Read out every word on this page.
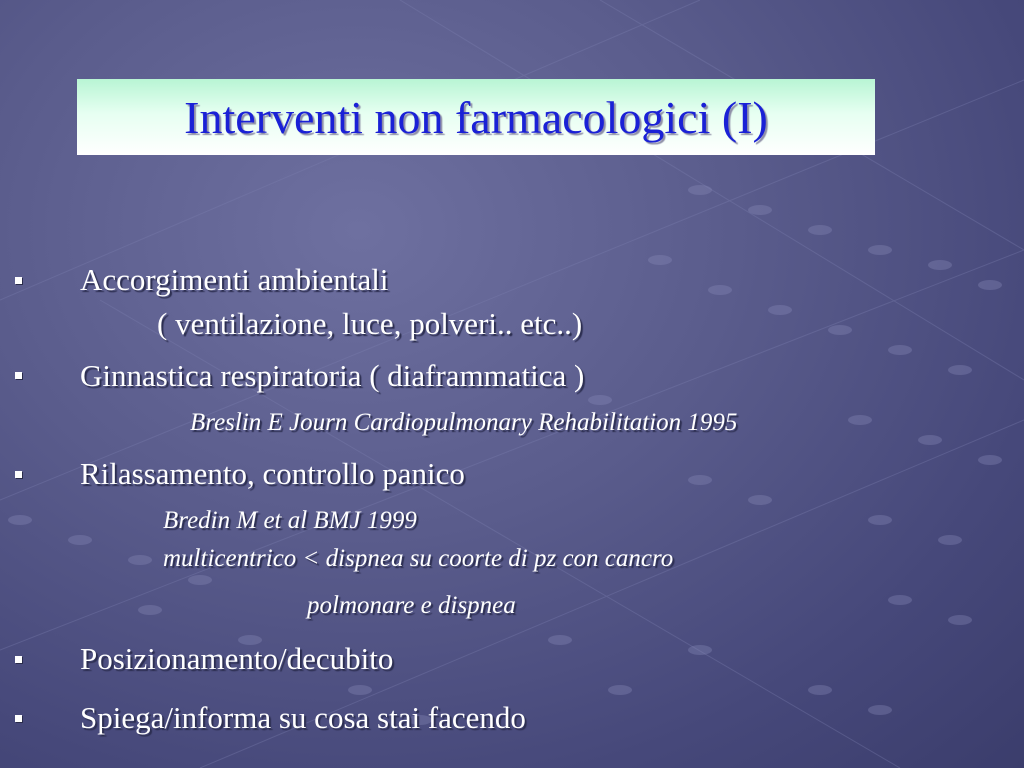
Interventi non farmacologici (I)
Accorgimenti ambientali
( ventilazione, luce, polveri.. etc..)
Ginnastica respiratoria ( diaframmatica )
Breslin E Journ Cardiopulmonary Rehabilitation 1995
Rilassamento, controllo panico
Bredin M et al BMJ 1999
multicentrico < dispnea su coorte di pz con cancro
polmonare e dispnea
Posizionamento/decubito
Spiega/informa su cosa stai facendo
